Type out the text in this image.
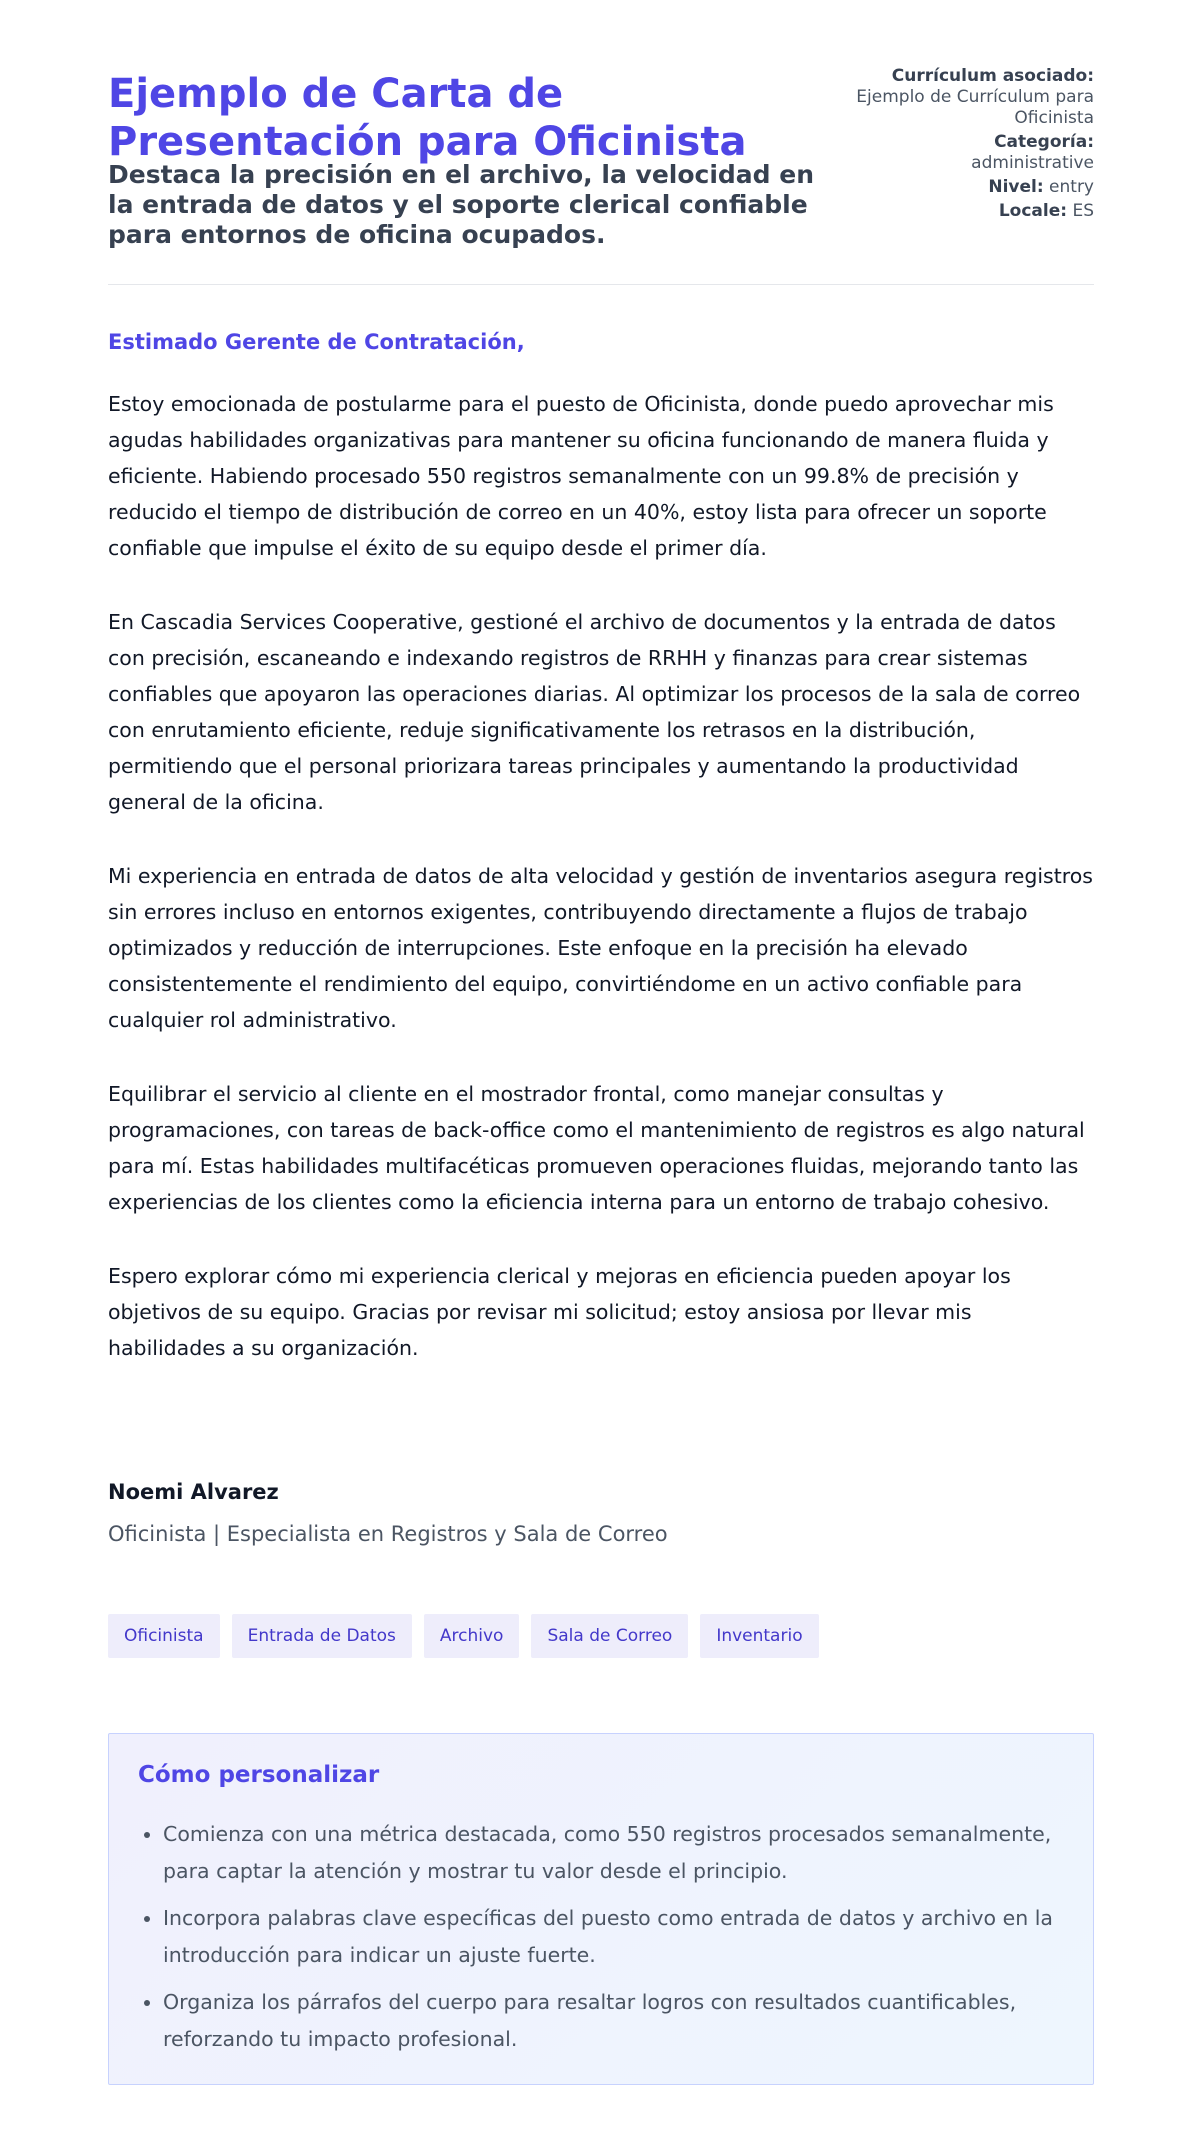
Ejemplo de Carta de Presentación para Oficinista

Destaca la precisión en el archivo, la velocidad en la entrada de datos y el soporte clerical confiable para entornos de oficina ocupados.

Currículum asociado:
Ejemplo de Currículum para Oficinista
Categoría:
administrative
Nivel: entry
Locale: ES

Estimado Gerente de Contratación,

Estoy emocionada de postularme para el puesto de Oficinista, donde puedo aprovechar mis agudas habilidades organizativas para mantener su oficina funcionando de manera fluida y eficiente. Habiendo procesado 550 registros semanalmente con un 99.8% de precisión y reducido el tiempo de distribución de correo en un 40%, estoy lista para ofrecer un soporte confiable que impulse el éxito de su equipo desde el primer día.

En Cascadia Services Cooperative, gestioné el archivo de documentos y la entrada de datos con precisión, escaneando e indexando registros de RRHH y finanzas para crear sistemas confiables que apoyaron las operaciones diarias. Al optimizar los procesos de la sala de correo con enrutamiento eficiente, reduje significativamente los retrasos en la distribución, permitiendo que el personal priorizara tareas principales y aumentando la productividad general de la oficina.

Mi experiencia en entrada de datos de alta velocidad y gestión de inventarios asegura registros sin errores incluso en entornos exigentes, contribuyendo directamente a flujos de trabajo optimizados y reducción de interrupciones. Este enfoque en la precisión ha elevado consistentemente el rendimiento del equipo, convirtiéndome en un activo confiable para cualquier rol administrativo.

Equilibrar el servicio al cliente en el mostrador frontal, como manejar consultas y programaciones, con tareas de back-office como el mantenimiento de registros es algo natural para mí. Estas habilidades multifacéticas promueven operaciones fluidas, mejorando tanto las experiencias de los clientes como la eficiencia interna para un entorno de trabajo cohesivo.

Espero explorar cómo mi experiencia clerical y mejoras en eficiencia pueden apoyar los objetivos de su equipo. Gracias por revisar mi solicitud; estoy ansiosa por llevar mis habilidades a su organización.

Noemi Alvarez
Oficinista | Especialista en Registros y Sala de Correo
Oficinista	Entrada de Datos	Archivo	Sala de Correo	Inventario
Cómo personalizar
• Comienza con una métrica destacada, como 550 registros procesados semanalmente, para captar la atención y mostrar tu valor desde el principio.
• Incorpora palabras clave específicas del puesto como entrada de datos y archivo en la introducción para indicar un ajuste fuerte.
• Organiza los párrafos del cuerpo para resaltar logros con resultados cuantificables, reforzando tu impacto profesional.
